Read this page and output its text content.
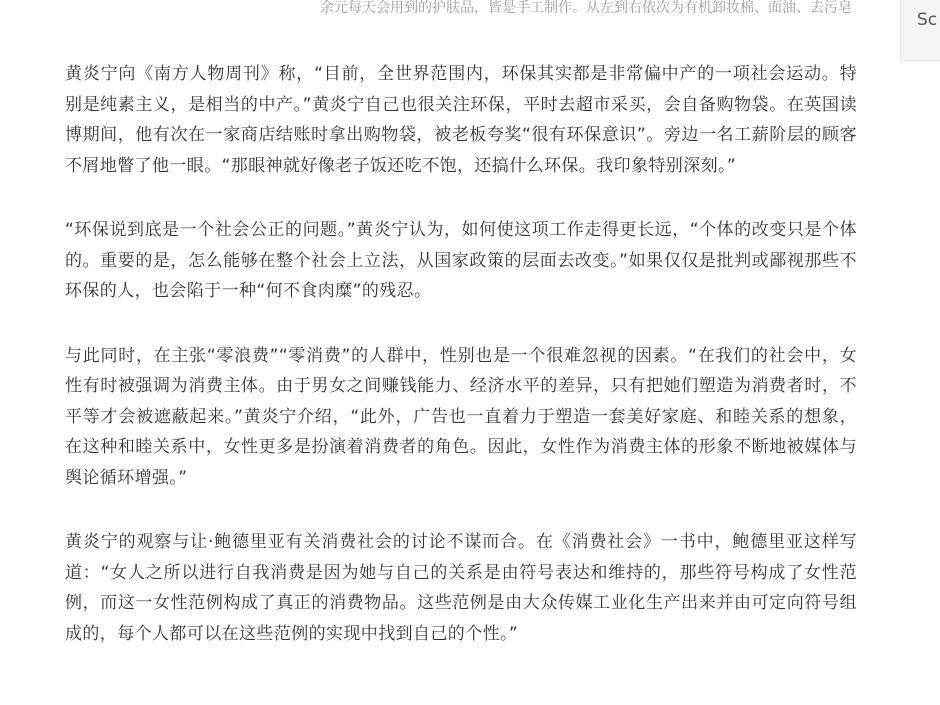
余元每天会用到的护肤品，皆是手工制作。从左到右依次为有机卸妆棉、面油、去污皂
Sc

黄炎宁向《南方人物周刊》称，“目前，全世界范围内，环保其实都是非常偏中产的一项社会运动。特别是纯素主义，是相当的中产。”黄炎宁自己也很关注环保，平时去超市采买，会自备购物袋。在英国读博期间，他有次在一家商店结账时拿出购物袋，被老板夸奖“很有环保意识”。旁边一名工薪阶层的顾客不屑地瞥了他一眼。“那眼神就好像老子饭还吃不饱，还搞什么环保。我印象特别深刻。”

“环保说到底是一个社会公正的问题。”黄炎宁认为，如何使这项工作走得更长远，“个体的改变只是个体的。重要的是，怎么能够在整个社会上立法，从国家政策的层面去改变。”如果仅仅是批判或鄙视那些不环保的人，也会陷于一种“何不食肉糜”的残忍。

与此同时，在主张“零浪费”“零消费”的人群中，性别也是一个很难忽视的因素。“在我们的社会中，女性有时被强调为消费主体。由于男女之间赚钱能力、经济水平的差异，只有把她们塑造为消费者时，不平等才会被遮蔽起来。”黄炎宁介绍，“此外，广告也一直着力于塑造一套美好家庭、和睦关系的想象，在这种和睦关系中，女性更多是扮演着消费者的角色。因此，女性作为消费主体的形象不断地被媒体与舆论循环增强。”

黄炎宁的观察与让·鲍德里亚有关消费社会的讨论不谋而合。在《消费社会》一书中，鲍德里亚这样写道：“女人之所以进行自我消费是因为她与自己的关系是由符号表达和维持的，那些符号构成了女性范例，而这一女性范例构成了真正的消费物品。这些范例是由大众传媒工业化生产出来并由可定向符号组成的，每个人都可以在这些范例的实现中找到自己的个性。”
